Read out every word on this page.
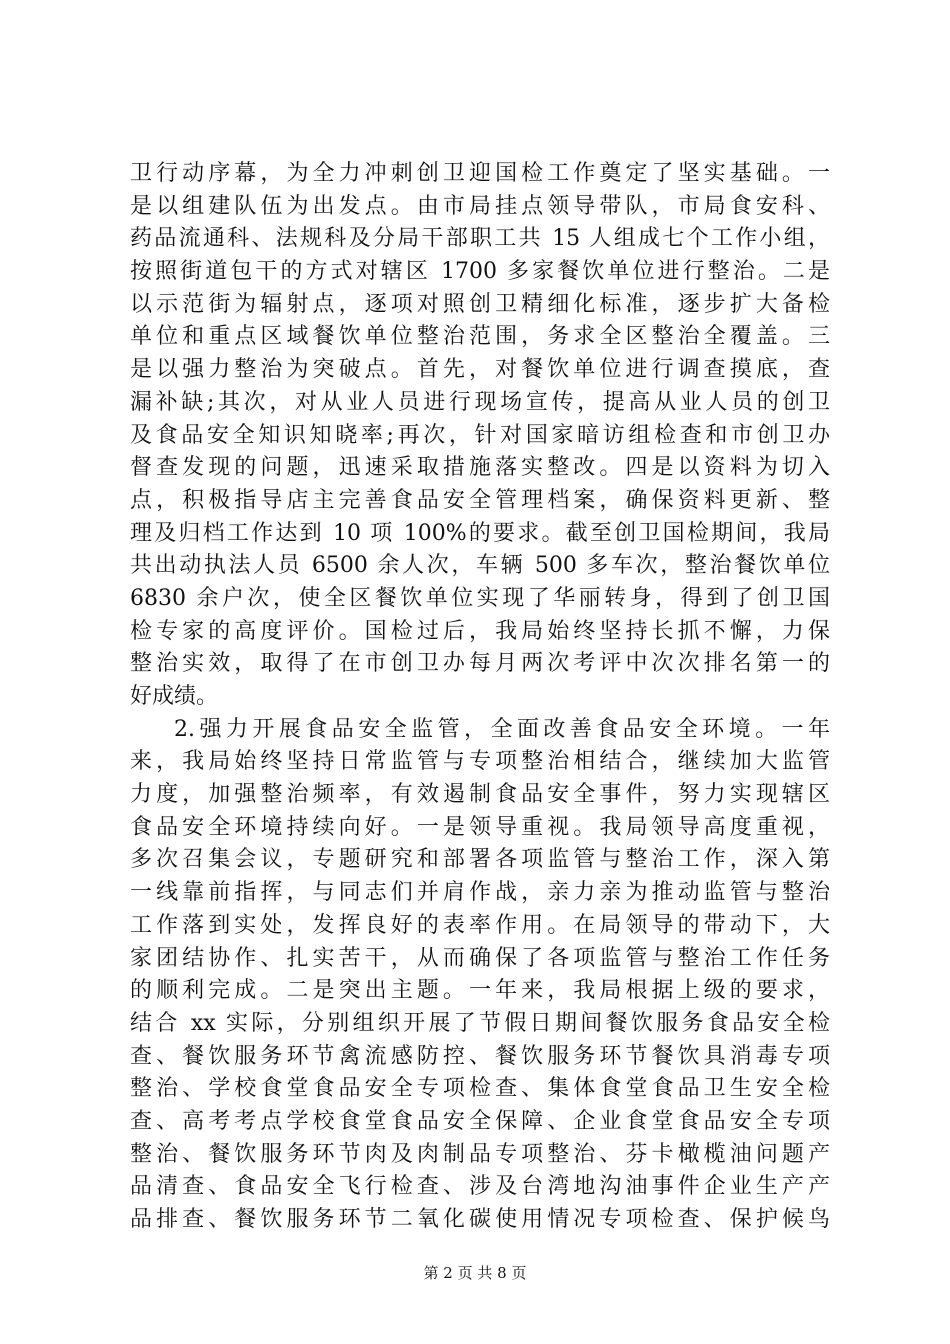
卫行动序幕，为全力冲刺创卫迎国检工作奠定了坚实基础。一
是以组建队伍为出发点。由市局挂点领导带队，市局食安科、
药品流通科、法规科及分局干部职工共 15 人组成七个工作小组，
按照街道包干的方式对辖区 1700 多家餐饮单位进行整治。二是
以示范街为辐射点，逐项对照创卫精细化标准，逐步扩大备检
单位和重点区域餐饮单位整治范围，务求全区整治全覆盖。三
是以强力整治为突破点。首先，对餐饮单位进行调查摸底，查
漏补缺;其次，对从业人员进行现场宣传，提高从业人员的创卫
及食品安全知识知晓率;再次，针对国家暗访组检查和市创卫办
督查发现的问题，迅速采取措施落实整改。四是以资料为切入
点，积极指导店主完善食品安全管理档案，确保资料更新、整
理及归档工作达到 10 项 100%的要求。截至创卫国检期间，我局
共出动执法人员 6500 余人次，车辆 500 多车次，整治餐饮单位
6830 余户次，使全区餐饮单位实现了华丽转身，得到了创卫国
检专家的高度评价。国检过后，我局始终坚持长抓不懈，力保
整治实效，取得了在市创卫办每月两次考评中次次排名第一的
好成绩。
2.强力开展食品安全监管，全面改善食品安全环境。一年
来，我局始终坚持日常监管与专项整治相结合，继续加大监管
力度，加强整治频率，有效遏制食品安全事件，努力实现辖区
食品安全环境持续向好。一是领导重视。我局领导高度重视，
多次召集会议，专题研究和部署各项监管与整治工作，深入第
一线靠前指挥，与同志们并肩作战，亲力亲为推动监管与整治
工作落到实处，发挥良好的表率作用。在局领导的带动下，大
家团结协作、扎实苦干，从而确保了各项监管与整治工作任务
的顺利完成。二是突出主题。一年来，我局根据上级的要求，
结合 xx 实际，分别组织开展了节假日期间餐饮服务食品安全检
查、餐饮服务环节禽流感防控、餐饮服务环节餐饮具消毒专项
整治、学校食堂食品安全专项检查、集体食堂食品卫生安全检
查、高考考点学校食堂食品安全保障、企业食堂食品安全专项
整治、餐饮服务环节肉及肉制品专项整治、芬卡橄榄油问题产
品清查、食品安全飞行检查、涉及台湾地沟油事件企业生产产
品排查、餐饮服务环节二氧化碳使用情况专项检查、保护候鸟
第 2 页 共 8 页
